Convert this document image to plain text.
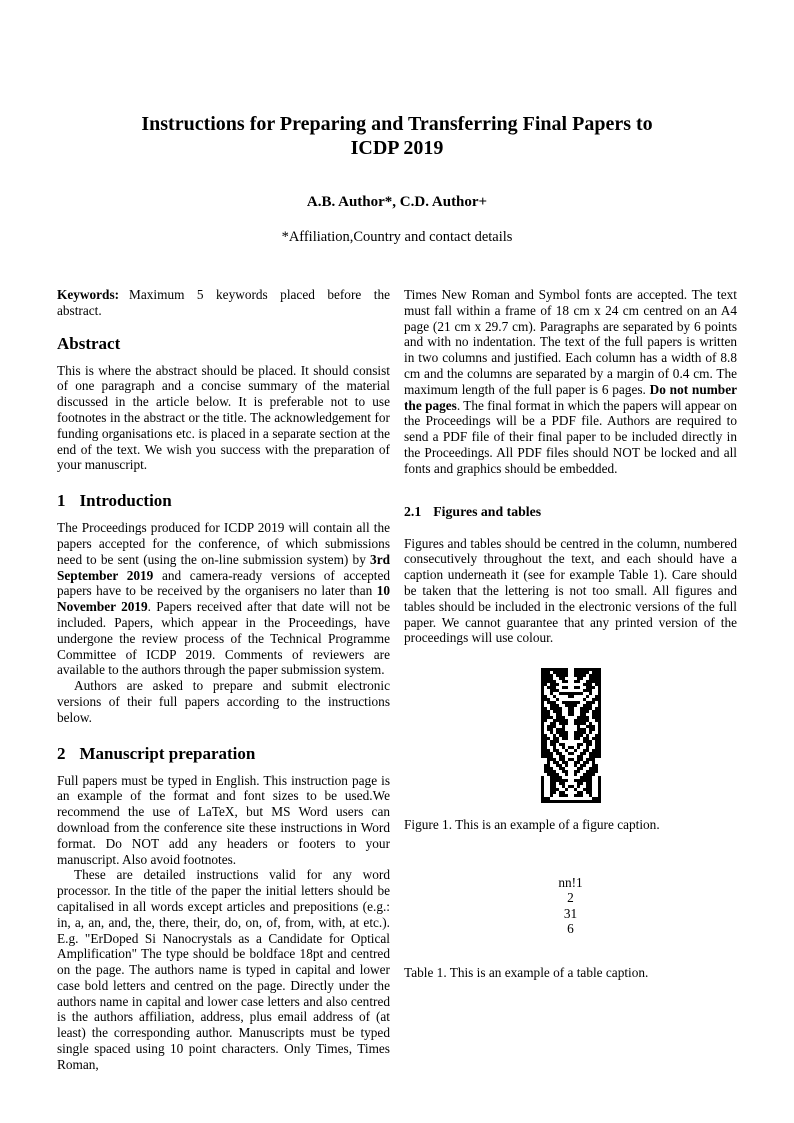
Instructions for Preparing and Transferring Final Papers to
ICDP 2019
A.B. Author*, C.D. Author+
*Affiliation,Country and contact details

Keywords: Maximum 5 keywords placed before the abstract.

Abstract

This is where the abstract should be placed. It should consist of one paragraph and a concise summary of the material discussed in the article below. It is preferable not to use footnotes in the abstract or the title. The acknowledgement for funding organisations etc. is placed in a separate section at the end of the text. We wish you success with the preparation of your manuscript.

1 Introduction

The Proceedings produced for ICDP 2019 will contain all the papers accepted for the conference, of which submissions need to be sent (using the on-line submission system) by 3rd September 2019 and camera-ready versions of accepted papers have to be received by the organisers no later than 10 November 2019. Papers received after that date will not be included. Papers, which appear in the Proceedings, have undergone the review process of the Technical Programme Committee of ICDP 2019. Comments of reviewers are available to the authors through the paper submission system.

Authors are asked to prepare and submit electronic versions of their full papers according to the instructions below.

2 Manuscript preparation

Full papers must be typed in English. This instruction page is an example of the format and font sizes to be used.We recommend the use of LaTeX, but MS Word users can download from the conference site these instructions in Word format. Do NOT add any headers or footers to your manuscript. Also avoid footnotes.

These are detailed instructions valid for any word processor. In the title of the paper the initial letters should be capitalised in all words except articles and prepositions (e.g.: in, a, an, and, the, there, their, do, on, of, from, with, at etc.). E.g. "ErDoped Si Nanocrystals as a Candidate for Optical Amplification" The type should be boldface 18pt and centred on the page. The authors name is typed in capital and lower case bold letters and centred on the page. Directly under the authors name in capital and lower case letters and also centred is the authors affiliation, address, plus email address of (at least) the corresponding author. Manuscripts must be typed single spaced using 10 point characters. Only Times, Times Roman,

Times New Roman and Symbol fonts are accepted. The text must fall within a frame of 18 cm x 24 cm centred on an A4 page (21 cm x 29.7 cm). Paragraphs are separated by 6 points and with no indentation. The text of the full papers is written in two columns and justified. Each column has a width of 8.8 cm and the columns are separated by a margin of 0.4 cm. The maximum length of the full paper is 6 pages. Do not number the pages. The final format in which the papers will appear on the Proceedings will be a PDF file. Authors are required to send a PDF file of their final paper to be included directly in the Proceedings. All PDF files should NOT be locked and all fonts and graphics should be embedded.

2.1 Figures and tables

Figures and tables should be centred in the column, numbered consecutively throughout the text, and each should have a caption underneath it (see for example Table 1). Care should be taken that the lettering is not too small. All figures and tables should be included in the electronic versions of the full paper. We cannot guarantee that any printed version of the proceedings will use colour.

Figure 1. This is an example of a figure caption.

nn!1
2
31
6

Table 1. This is an example of a table caption.
